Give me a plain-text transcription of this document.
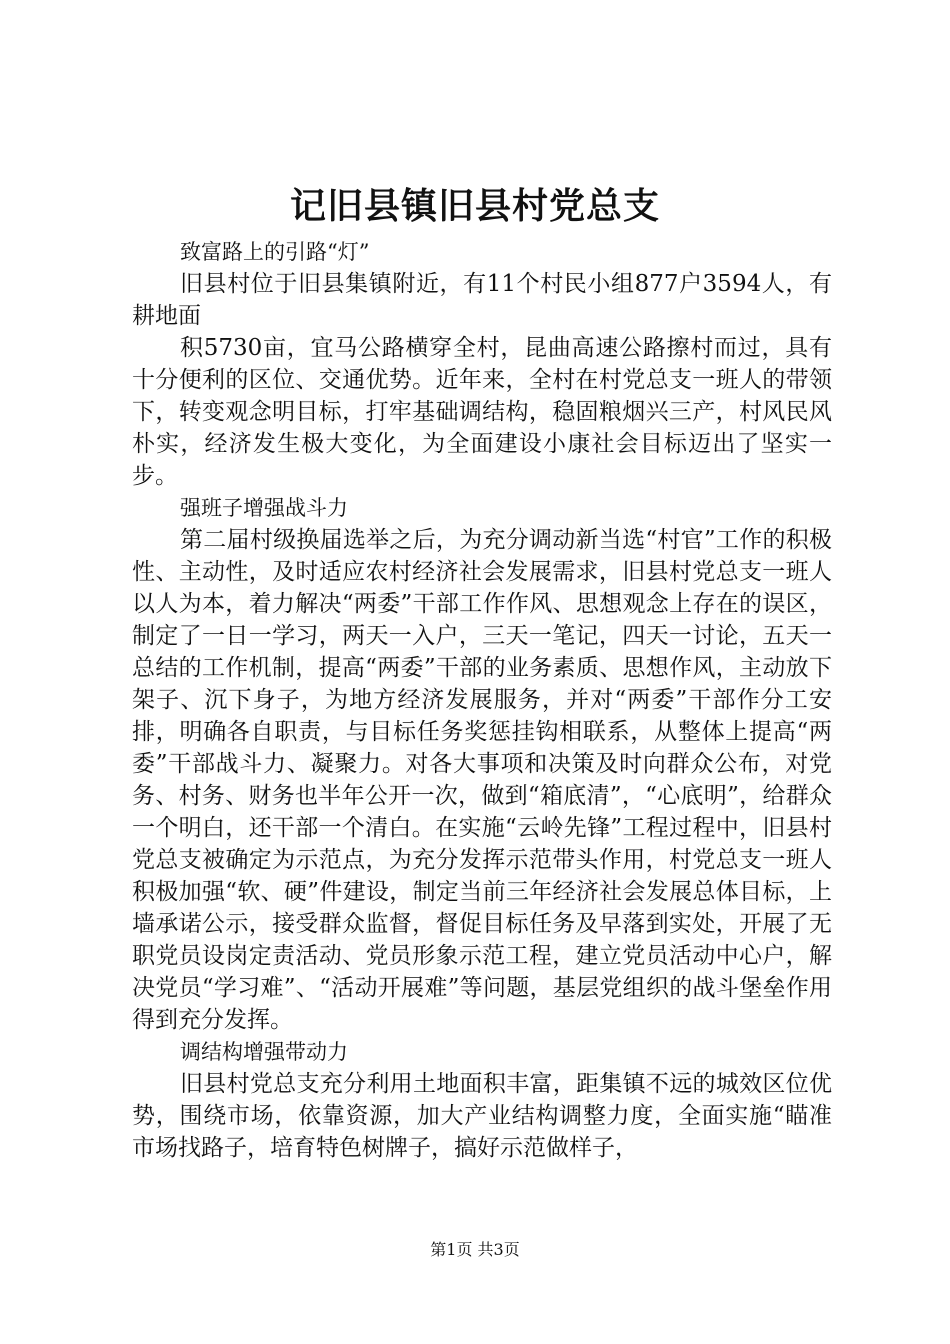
记旧县镇旧县村党总支

致富路上的引路“灯”

旧县村位于旧县集镇附近，有11个村民小组877户3594人，有耕地面

积5730亩，宜马公路横穿全村，昆曲高速公路擦村而过，具有十分便利的区位、交通优势。近年来，全村在村党总支一班人的带领下，转变观念明目标，打牢基础调结构，稳固粮烟兴三产，村风民风朴实，经济发生极大变化，为全面建设小康社会目标迈出了坚实一步。

强班子增强战斗力

第二届村级换届选举之后，为充分调动新当选“村官”工作的积极性、主动性，及时适应农村经济社会发展需求，旧县村党总支一班人以人为本，着力解决“两委”干部工作作风、思想观念上存在的误区，制定了一日一学习，两天一入户，三天一笔记，四天一讨论，五天一总结的工作机制，提高“两委”干部的业务素质、思想作风，主动放下架子、沉下身子，为地方经济发展服务，并对“两委”干部作分工安排，明确各自职责，与目标任务奖惩挂钩相联系，从整体上提高“两委”干部战斗力、凝聚力。对各大事项和决策及时向群众公布，对党务、村务、财务也半年公开一次，做到“箱底清”，“心底明”，给群众一个明白，还干部一个清白。在实施“云岭先锋”工程过程中，旧县村党总支被确定为示范点，为充分发挥示范带头作用，村党总支一班人积极加强“软、硬”件建设，制定当前三年经济社会发展总体目标，上墙承诺公示，接受群众监督，督促目标任务及早落到实处，开展了无职党员设岗定责活动、党员形象示范工程，建立党员活动中心户，解决党员“学习难”、“活动开展难”等问题，基层党组织的战斗堡垒作用得到充分发挥。

调结构增强带动力

旧县村党总支充分利用土地面积丰富，距集镇不远的城效区位优势，围绕市场，依靠资源，加大产业结构调整力度，全面实施“瞄准市场找路子，培育特色树牌子，搞好示范做样子，

第1页 共3页
